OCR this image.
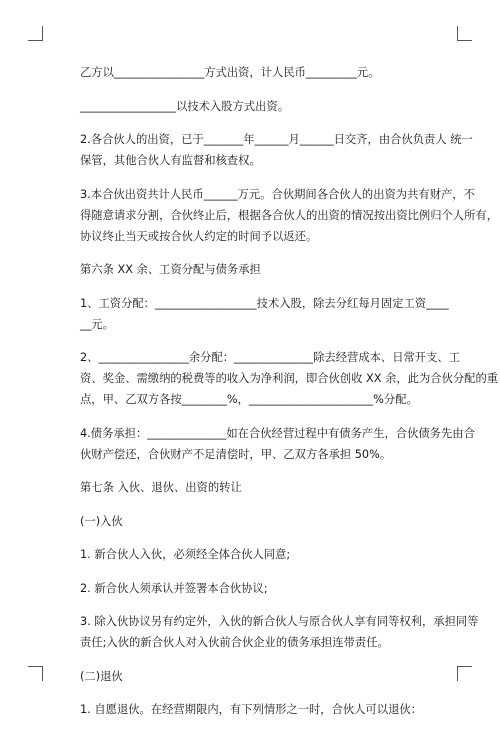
乙方以________________方式出资，计人民币_________元。
_________________以技术入股方式出资。
2.各合伙人的出资，已于_______年______月______日交齐，由合伙负责人 统一
保管，其他合伙人有监督和核查权。
3.本合伙出资共计人民币______万元。合伙期间各合伙人的出资为共有财产，不
得随意请求分割，合伙终止后，根据各合伙人的出资的情况按出资比例归个人所有，
协议终止当天或按合伙人约定的时间予以返还。
第六条 XX 余、工资分配与债务承担
1、工资分配：__________________技术入股，除去分红每月固定工资____
__元。
2、________________余分配：______________除去经营成本、日常开支、工
资、奖金、需缴纳的税费等的收入为净利润，即合伙创收 XX 余，此为合伙分配的重
点，甲、乙双方各按________%，______________________%分配。
4.债务承担：______________如在合伙经营过程中有债务产生，合伙债务先由合
伙财产偿还，合伙财产不足清偿时，甲、乙双方各承担 50%。
第七条 入伙、退伙、出资的转让
(一)入伙
1. 新合伙人入伙，必须经全体合伙人同意;
2. 新合伙人须承认并签署本合伙协议;
3. 除入伙协议另有约定外，入伙的新合伙人与原合伙人享有同等权利，承担同等
责任;入伙的新合伙人对入伙前合伙企业的债务承担连带责任。
(二)退伙
1. 自愿退伙。在经营期限内，有下列情形之一时，合伙人可以退伙：
